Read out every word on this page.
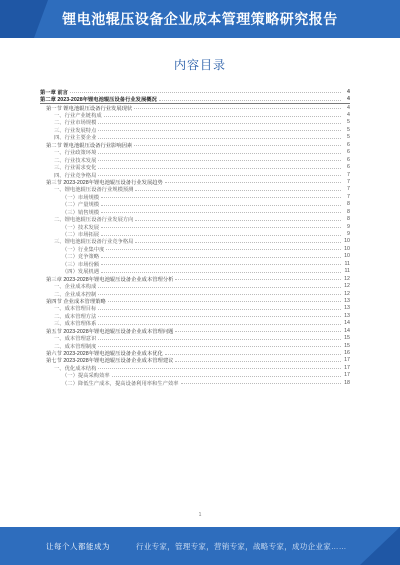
锂电池辊压设备企业成本管理策略研究报告
内容目录
第一章 前言	4
第二章 2023-2028年锂电池辊压设备行业发展概况	4
第一节 锂电池辊压设备行业发展现状	4
一、行业产业链构成	4
二、行业市场规模	5
三、行业发展特点	5
四、行业主要企业	5
第二节 锂电池辊压设备行业影响因素	6
一、行业政策环境	6
二、行业技术发展	6
三、行业需求变化	6
四、行业竞争格局	7
第三节 2023-2028年锂电池辊压设备行业发展趋势	7
一、锂电池辊压设备行业规模预测	7
（一）市场规模	7
（二）产量规模	8
（三）销售规模	8
二、锂电池辊压设备行业发展方向	8
（一）技术发展	9
（二）市场拓展	9
三、锂电池辊压设备行业竞争格局	10
（一）行业集中度	10
（二）竞争策略	10
（三）市场份额	11
（四）发展机遇	11
第三章 2023-2028年锂电池辊压设备企业成本管理分析	12
一、企业成本构成	12
二、企业成本控制	12
第四节 企业成本管理策略	13
一、成本管理目标	13
二、成本管理方法	13
三、成本管理体系	14
第五节 2023-2028年锂电池辊压设备企业成本管理问题	14
一、成本管理意识	15
二、成本管理制度	15
第六节 2023-2028年锂电池辊压设备企业成本优化	16
第七节 2023-2028年锂电池辊压设备企业成本管理建议	17
一、优化成本结构	17
（一）提高采购效率	17
（二）降低生产成本，提高设备利用率和生产效率	18
1
让每个人都能成为	行业专家，管理专家，营销专家，战略专家，成功企业家……
